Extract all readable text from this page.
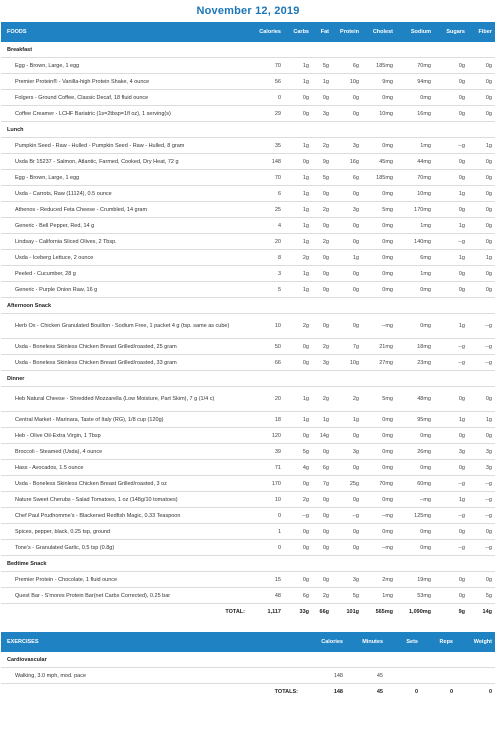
November 12, 2019
FOODS	Calories	Carbs	Fat	Protein	Cholest	Sodium	Sugars	Fiber
Breakfast								
Egg - Brown, Large, 1 egg	70	1g	5g	6g	185mg	70mg	0g	0g
Premier Protein® - Vanilla-high Protein Shake, 4 ounce	56	1g	1g	10g	9mg	94mg	0g	0g
Folgers - Ground Coffee, Classic Decaf, 18 fluid ounce	0	0g	0g	0g	0mg	0mg	0g	0g
Coffee Creamer - LCHF Bariatric (1s=2tbsp=1fl oz), 1 serving(s)	29	0g	3g	0g	10mg	16mg	0g	0g
Lunch								
Pumpkin Seed - Raw - Hulled - Pumpkin Seed - Raw - Hulled, 8 gram	35	1g	2g	3g	0mg	1mg	--g	1g
Usda Br 15237 - Salmon, Atlantic, Farmed, Cooked, Dry Heat, 72 g	148	0g	9g	16g	45mg	44mg	0g	0g
Egg - Brown, Large, 1 egg	70	1g	5g	6g	185mg	70mg	0g	0g
Usda - Carrots, Raw (11124), 0.5 ounce	6	1g	0g	0g	0mg	10mg	1g	0g
Athenos - Reduced Feta Cheese - Crumbled, 14 gram	25	1g	2g	3g	5mg	170mg	0g	0g
Generic - Bell Pepper, Red, 14 g	4	1g	0g	0g	0mg	1mg	1g	0g
Lindsay - California Sliced Olives, 2 Tbsp.	20	1g	2g	0g	0mg	140mg	--g	0g
Usda - Iceberg Lettuce, 2 ounce	8	2g	0g	1g	0mg	6mg	1g	1g
Peeled - Cucumber, 28 g	3	1g	0g	0g	0mg	1mg	0g	0g
Generic - Purple Onion Raw, 16 g	5	1g	0g	0g	0mg	0mg	0g	0g
Afternoon Snack								
Herb Ox - Chicken Granulated Bouillon - Sodium Free, 1 packet 4 g (tsp. same as cube)	10	2g	0g	0g	--mg	0mg	1g	--g
Usda - Boneless Skinless Chicken Breast Grilled/roasted, 25 gram	50	0g	2g	7g	21mg	18mg	--g	--g
Usda - Boneless Skinless Chicken Breast Grilled/roasted, 33 gram	66	0g	3g	10g	27mg	23mg	--g	--g
Dinner								
Heb Natural Cheese - Shredded Mozzarella (Low Moisture, Part Skim), 7 g (1/4 c)	20	1g	2g	2g	5mg	48mg	0g	0g
Central Market - Marinara, Taste of Italy (RG), 1/8 cup (120g)	18	1g	1g	1g	0mg	95mg	1g	1g
Heb - Olive Oil-Extra Virgin, 1 Tbsp	120	0g	14g	0g	0mg	0mg	0g	0g
Broccoli - Steamed (Usda), 4 ounce	39	5g	0g	3g	0mg	26mg	3g	3g
Hass - Avocados, 1.5 ounce	71	4g	6g	0g	0mg	0mg	0g	3g
Usda - Boneless Skinless Chicken Breast Grilled/roasted, 3 oz	170	0g	7g	25g	70mg	60mg	--g	--g
Nature Sweet Cherubs - Salad Tomatoes, 1 oz (148g/10 tomatoes)	10	2g	0g	0g	0mg	--mg	1g	--g
Chef Paul Prudhomme's - Blackened Redfish Magic, 0.33 Teaspoon	0	--g	0g	--g	--mg	125mg	--g	--g
Spices, pepper, black, 0.25 tsp, ground	1	0g	0g	0g	0mg	0mg	0g	0g
Tone's - Granulated Garlic, 0.5 tsp (0.8g)	0	0g	0g	0g	--mg	0mg	--g	--g
Bedtime Snack								
Premier Protein - Chocolate, 1 fluid ounce	15	0g	0g	3g	2mg	19mg	0g	0g
Quest Bar - S'mores Protein Bar(net Carbs Corrected), 0.25 bar	48	6g	2g	5g	1mg	53mg	0g	5g
TOTAL:	1,117	33g	66g	101g	565mg	1,090mg	9g	14g
EXERCISES	Calories	Minutes	Sets	Reps	Weight
Cardiovascular					
Walking, 3.0 mph, mod. pace	148	45			
TOTALS:	148	45	0	0	0
